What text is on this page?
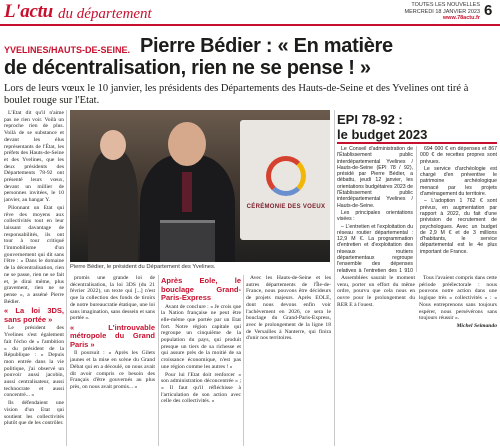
L'actu du département
TOUTES LES NOUVELLES
MERCREDI 18 JANVIER 2023
www.78actu.fr 6
YVELINES/HAUTS-DE-SEINE. Pierre Bédier : « En matière
de décentralisation, rien ne se pense ! »
Lors de leurs vœux le 10 janvier, les présidents des Départements des Hauts-de-Seine et des Yvelines ont tiré à boulet rouge sur l'Etat.

L'Etat dit qu'il n'aime pas ne rien voir. Voilà un reproche rien de plus. Voilà de se substance et devant les élus représentants de l'État, les préfets des Hauts-de-Seine et des Yvelines, que les deux présidents des Départements 78-92 ont présenté leurs vœux, devant un millier de personnes invitées, le 10 janvier, au hangar Y.

Pilonnant un Etat qui rêve des moyens aux collectivités tout en leur laissant davantage de responsabilités, ils ont tour à tour critiqué l'immobilisme d'un gouvernement qui dit sans l'être : « Dans le domaine de la décentralisation, rien ne se passe, rien ne se fait et, je dirai même, plus gravement, rien ne se pense », a asséné Pierre Bédier.

« La loi 3DS, sans portée »

Le président des Yvelines s'est également fait l'écho de « l'ambition » du président de la République : « Depuis mon entrée dans la vie politique, j'ai observé un pouvoir aussi jacobin, aussi centralisateur, aussi technocrate et aussi concentré... »

Ils défendaient une vision d'un Etat qui soutient les collectivités plutôt que de les contrôler.

CÉRÉMONIE DES VOEUX
Pierre Bédier, le président du Département des Yvelines.

promis une grande loi de décentralisation, la loi 3DS (du 21 février 2022), un texte qui [...] n'est que la collection des fonds de tiroirs de notre bureaucratie étatique, une loi sans imagination, sans dessein et sans portée ».

« L'introuvable métropole du Grand Paris »

Il poursuit : « Après les Gilets jaunes et la mise en scène du Grand Débat qui en a découlé, on nous avait dit avoir compris ce besoin des Français d'être gouvernés au plus près, on nous avait promis... »

Après Eole, le bouclage Grand-Paris-Express

Avant de conclure : « Je crois que la Nation française ne peut être elle-même que portée par un Etat fort. Notre région capitale qui regroupe un cinquième de la population du pays, qui produit presque un tiers de sa richesse et qui assure près de la moitié de sa croissance économique, n'est pas une région comme les autres ! »

Pour lui l'Etat doit renforcer « son administration déconcentrée » ; « Il faut qu'il réfléchisse à l'articulation de son action avec celle des collectivités. »

Avec les Hauts-de-Seine et les autres départements de l'Île-de-France, nous pouvons être décideurs de projets majeurs. Après EOLE, dont nous devons enfin voir l'achèvement en 2026, ce sera le bouclage du Grand-Paris-Express, avec le prolongement de la ligne 18 de Versailles à Nanterre, qui finira d'unir nos territoires.

Assemblées saurait le moment venu, porter un effort du même ordre, pourvu que cela nous en ouvre pour le prolongement du RER E à l'ouest.

Tous l'avaient compris dans cette période préélectorale : nous pouvons notre action dans une logique très « collectivités » : « Nous entreprenons sans toujours espérer, nous persévérons sans toujours réussir ».

Michel Seimando

EPI 78-92 :
le budget 2023

Le Conseil d'administration de l'Établissement public interdépartemental Yvelines / Hauts-de-Seine (EPI 78 / 92), présidé par Pierre Bédier, a débattu, jeudi 12 janvier, les orientations budgétaires 2023 de l'Établissement public interdépartemental Yvelines / Hauts-de-Seine.

Les principales orientations visées :

– L'entretien et l'exploitation du réseau routier départemental : 12,9 M €. La programmation d'entretien et d'exploitation des réseaux routiers départementaux regroupe l'ensemble des dépenses relatives à l'entretien des 1 910

694 000 € en dépenses et 867 000 € de recettes propres sont prévues.

Le service d'archéologie est chargé d'en préventive le patrimoine archéologique menacé par les projets d'aménagement du territoire.

– L'adoption 1 762 € sont prévus, en augmentation par rapport à 2022, du fait d'une prévision de recrutement de psychologues. Avec un budget de 2,9 M € et de 3 millions d'habitants, le service départemental est le 4e plus important de France.
